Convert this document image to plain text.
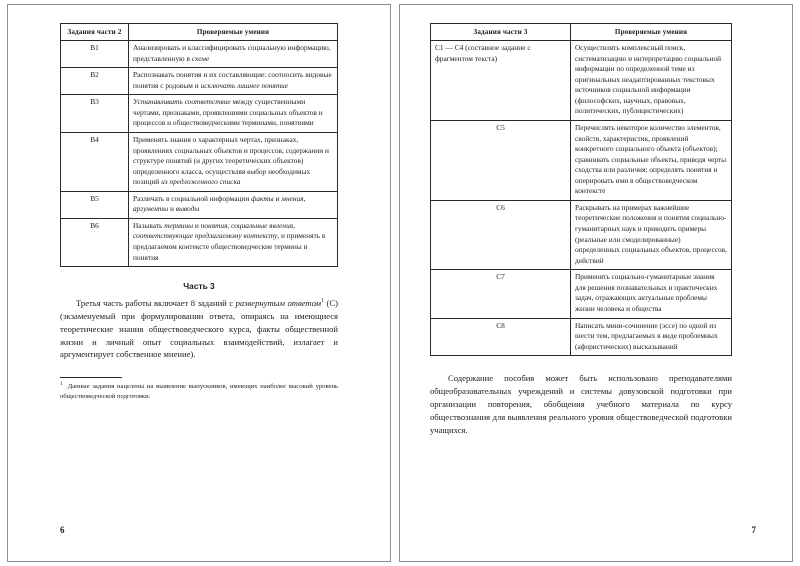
Задания части 2	Проверяемые умения
B1	Анализировать и классифицировать социальную информацию, представленную в схеме
B2	Распознавать понятия и их составляющие: соотносить видовые понятия с родовым и исключать лишнее понятие
B3	Устанавливать соответствие между существенными чертами, признаками, проявлениями социальных объектов и процессов и обществоведческими терминами, понятиями
B4	Применять знания о характерных чертах, признаках, проявлениях социальных объектов и процессов, содержании и структуре понятий (и других теоретических объектов) определенного класса, осуществляя выбор необходимых позиций из предложенного списка
B5	Различать в социальной информации факты и мнения, аргументы и выводы
B6	Называть термины и понятия, социальные явления, соответствующие предлагаемому контексту, и применять в предлагаемом контексте обществоведческие термины и понятия
Часть 3

Третья часть работы включает 8 заданий с развернутым ответом$^1$ (С) (экзаменуемый при формулировании ответа, опираясь на имеющиеся теоретические знания обществоведческого курса, факты общественной жизни и личный опыт социальных взаимодействий, излагает и аргументирует собственное мнение).

$^1$ Данные задания нацелены на выявление выпускников, имеющих наиболее высокий уровень обществоведческой подготовки.

6
Задания части 3	Проверяемые умения
C1 — C4 (составное задание с фрагментом текста)	Осуществлять комплексный поиск, систематизацию и интерпретацию социальной информации по определенной теме из оригинальных неадаптированных текстовых источников социальной информации (философских, научных, правовых, политических, публицистических)
C5	Перечислять некоторое количество элементов, свойств, характеристик, проявлений конкретного социального объекта (объектов); сравнивать социальные объекты, приводя черты сходства или различия; определять понятия и оперировать ими в обществоведческом контексте
C6	Раскрывать на примерах важнейшие теоретические положения и понятия социально-гуманитарных наук и приводить примеры (реальные или смоделированные) определенных социальных объектов, процессов, действий
C7	Применять социально-гуманитарные знания для решения познавательных и практических задач, отражающих актуальные проблемы жизни человека и общества
C8	Написать мини-сочинение (эссе) по одной из шести тем, предлагаемых в виде проблемных (афористических) высказываний

Содержание пособия может быть использовано преподавателями общеобразовательных учреждений и системы довузовской подготовки при организации повторения, обобщения учебного материала по курсу обществознания для выявления реального уровня обществоведческой подготовки учащихся.

7
